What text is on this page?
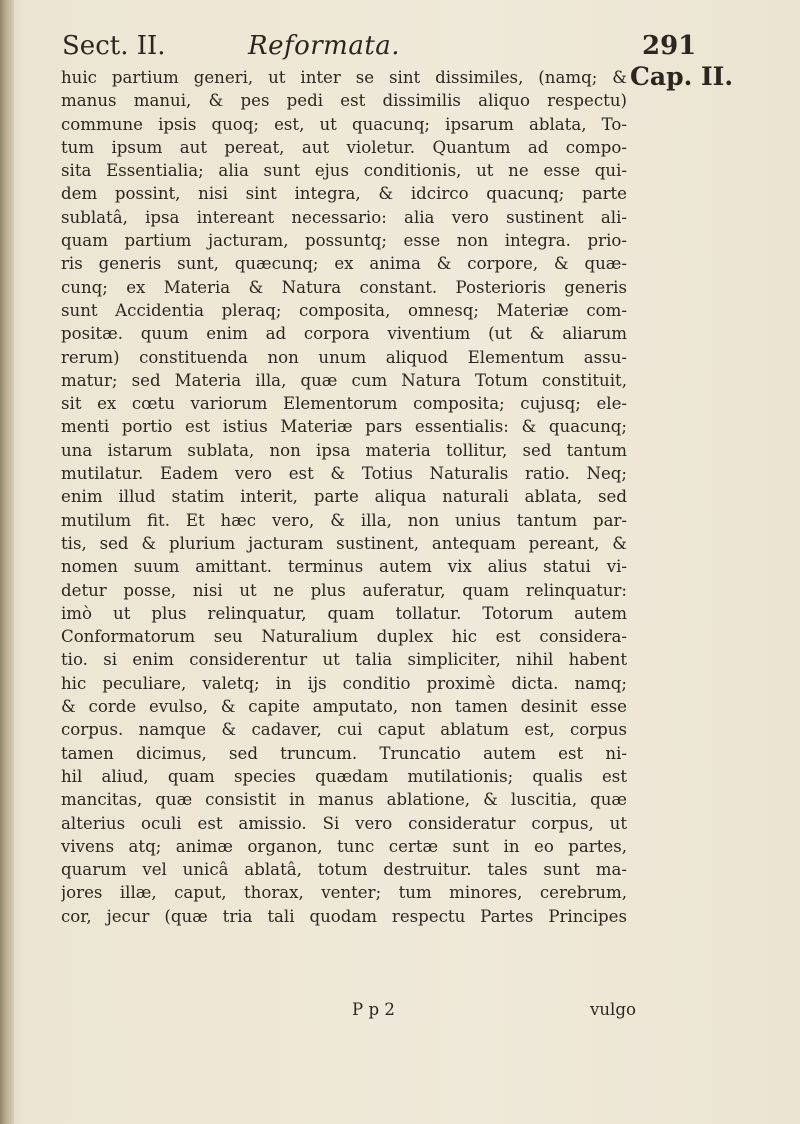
Sect. II.	Reformata.	291
Cap. II.
huic partium generi, ut inter se sint dissimiles, (namq; &
manus manui, & pes pedi est dissimilis aliquo respectu)
commune ipsis quoq; est, ut quacunq; ipsarum ablata, To-
tum ipsum aut pereat, aut violetur. Quantum ad compo-
sita Essentialia; alia sunt ejus conditionis, ut ne esse qui-
dem possint, nisi sint integra, & idcirco quacunq; parte
sublatâ, ipsa intereant necessario: alia vero sustinent ali-
quam partium jacturam, possuntq; esse non integra. prio-
ris generis sunt, quæcunq; ex anima & corpore, & quæ-
cunq; ex Materia & Natura constant. Posterioris generis
sunt Accidentia pleraq; composita, omnesq; Materiæ com-
positæ. quum enim ad corpora viventium (ut & aliarum
rerum) constituenda non unum aliquod Elementum assu-
matur; sed Materia illa, quæ cum Natura Totum constituit,
sit ex cœtu variorum Elementorum composita; cujusq; ele-
menti portio est istius Materiæ pars essentialis: & quacunq;
una istarum sublata, non ipsa materia tollitur, sed tantum
mutilatur. Eadem vero est & Totius Naturalis ratio. Neq;
enim illud statim interit, parte aliqua naturali ablata, sed
mutilum fit. Et hæc vero, & illa, non unius tantum par-
tis, sed & plurium jacturam sustinent, antequam pereant, &
nomen suum amittant. terminus autem vix alius statui vi-
detur posse, nisi ut ne plus auferatur, quam relinquatur:
imò ut plus relinquatur, quam tollatur. Totorum autem
Conformatorum seu Naturalium duplex hic est considera-
tio. si enim considerentur ut talia simpliciter, nihil habent
hic peculiare, valetq; in ijs conditio proximè dicta. namq;
& corde evulso, & capite amputato, non tamen desinit esse
corpus. namque & cadaver, cui caput ablatum est, corpus
tamen dicimus, sed truncum. Truncatio autem est ni-
hil aliud, quam species quædam mutilationis; qualis est
mancitas, quæ consistit in manus ablatione, & luscitia, quæ
alterius oculi est amissio. Si vero consideratur corpus, ut
vivens atq; animæ organon, tunc certæ sunt in eo partes,
quarum vel unicâ ablatâ, totum destruitur. tales sunt ma-
jores illæ, caput, thorax, venter; tum minores, cerebrum,
cor, jecur (quæ tria tali quodam respectu Partes Principes
P p 2	vulgo
